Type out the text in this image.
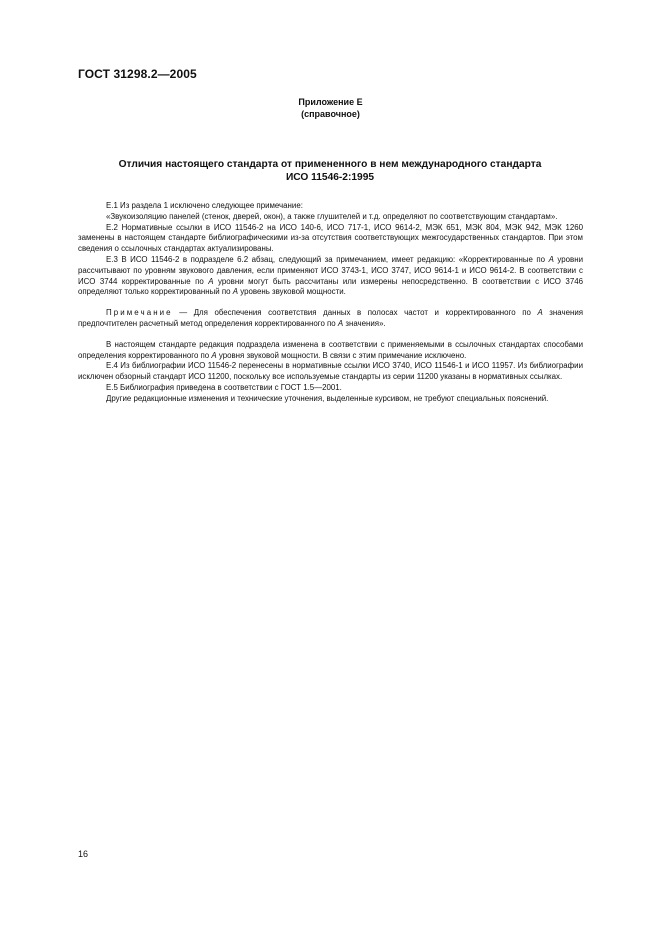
ГОСТ 31298.2—2005
Приложение Е
(справочное)
Отличия настоящего стандарта от примененного в нем международного стандарта
ИСО 11546-2:1995

Е.1 Из раздела 1 исключено следующее примечание:

«Звукоизоляцию панелей (стенок, дверей, окон), а также глушителей и т.д. определяют по соответствующим стандартам».

Е.2 Нормативные ссылки в ИСО 11546-2 на ИСО 140-6, ИСО 717-1, ИСО 9614-2, МЭК 651, МЭК 804, МЭК 942, МЭК 1260 заменены в настоящем стандарте библиографическими из-за отсутствия соответствующих межгосударственных стандартов. При этом сведения о ссылочных стандартах актуализированы.

Е.3 В ИСО 11546-2 в подразделе 6.2 абзац, следующий за примечанием, имеет редакцию: «Корректированные по А уровни рассчитывают по уровням звукового давления, если применяют ИСО 3743-1, ИСО 3747, ИСО 9614-1 и ИСО 9614-2. В соответствии с ИСО 3744 корректированные по А уровни могут быть рассчитаны или измерены непосредственно. В соответствии с ИСО 3746 определяют только корректированный по А уровень звуковой мощности.

Примечание — Для обеспечения соответствия данных в полосах частот и корректированного по А значения предпочтителен расчетный метод определения корректированного по А значения».

В настоящем стандарте редакция подраздела изменена в соответствии с применяемыми в ссылочных стандартах способами определения корректированного по А уровня звуковой мощности. В связи с этим примечание исключено.

Е.4 Из библиографии ИСО 11546-2 перенесены в нормативные ссылки ИСО 3740, ИСО 11546-1 и ИСО 11957. Из библиографии исключен обзорный стандарт ИСО 11200, поскольку все используемые стандарты из серии 11200 указаны в нормативных ссылках.

Е.5 Библиография приведена в соответствии с ГОСТ 1.5—2001.

Другие редакционные изменения и технические уточнения, выделенные курсивом, не требуют специальных пояснений.

16
